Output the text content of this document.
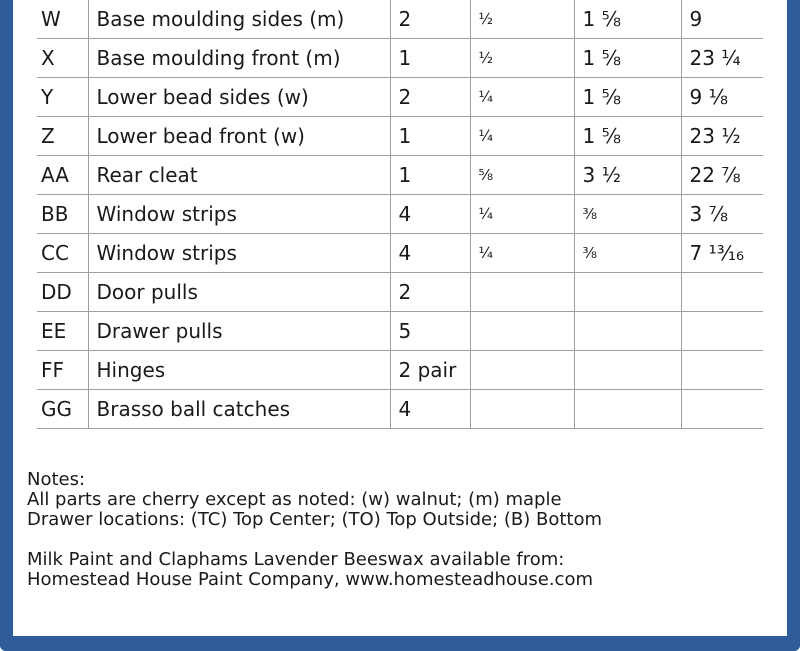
W	Base moulding sides (m)	2	½	1 ⅝	9
X	Base moulding front (m)	1	½	1 ⅝	23 ¼
Y	Lower bead sides (w)	2	¼	1 ⅝	9 ⅛
Z	Lower bead front (w)	1	¼	1 ⅝	23 ½
AA	Rear cleat	1	⅝	3 ½	22 ⅞
BB	Window strips	4	¼	⅜	3 ⅞
CC	Window strips	4	¼	⅜	7 ¹³⁄₁₆
DD	Door pulls	2			
EE	Drawer pulls	5			
FF	Hinges	2 pair			
GG	Brasso ball catches	4			

Notes:

All parts are cherry except as noted: (w) walnut; (m) maple

Drawer locations: (TC) Top Center; (TO) Top Outside; (B) Bottom

Milk Paint and Claphams Lavender Beeswax available from:

Homestead House Paint Company, www.homesteadhouse.com
